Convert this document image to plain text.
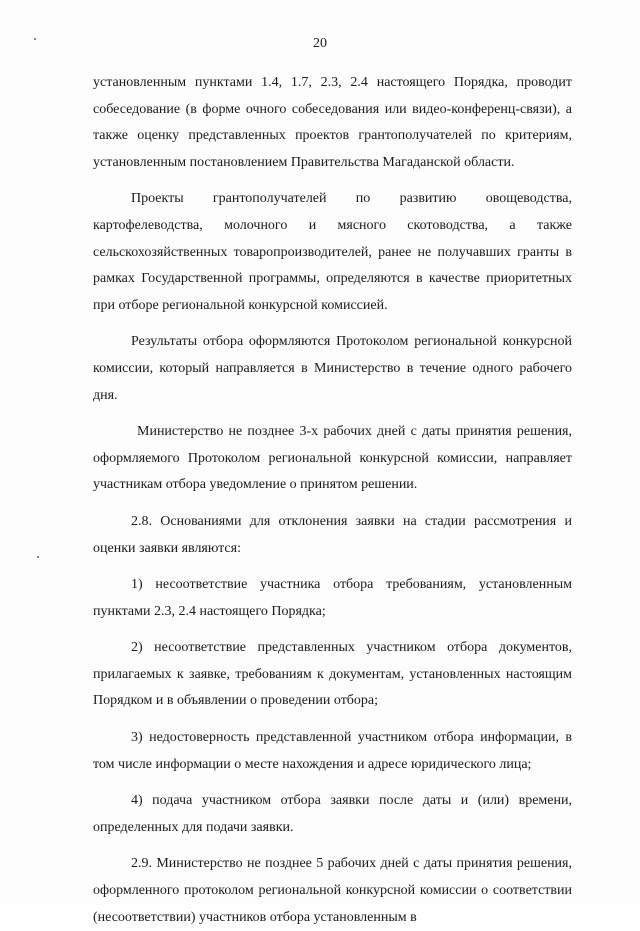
20

установленным пунктами 1.4, 1.7, 2.3, 2.4 настоящего Порядка, проводит собеседование (в форме очного собеседования или видео-конференц-связи), а также оценку представленных проектов грантополучателей по критериям, установленным постановлением Правительства Магаданской области.

Проекты грантополучателей по развитию овощеводства, картофелеводства, молочного и мясного скотоводства, а также сельскохозяйственных товаропроизводителей, ранее не получавших гранты в рамках Государственной программы, определяются в качестве приоритетных при отборе региональной конкурсной комиссией.

Результаты отбора оформляются Протоколом региональной конкурсной комиссии, который направляется в Министерство в течение одного рабочего дня.

Министерство не позднее 3-х рабочих дней с даты принятия решения, оформляемого Протоколом региональной конкурсной комиссии, направляет участникам отбора уведомление о принятом решении.

2.8. Основаниями для отклонения заявки на стадии рассмотрения и оценки заявки являются:

1) несоответствие участника отбора требованиям, установленным пунктами 2.3, 2.4 настоящего Порядка;

2) несоответствие представленных участником отбора документов, прилагаемых к заявке, требованиям к документам, установленных настоящим Порядком и в объявлении о проведении отбора;

3) недостоверность представленной участником отбора информации, в том числе информации о месте нахождения и адресе юридического лица;

4) подача участником отбора заявки после даты и (или) времени, определенных для подачи заявки.

2.9. Министерство не позднее 5 рабочих дней с даты принятия решения, оформленного протоколом региональной конкурсной комиссии о соответствии (несоответствии) участников отбора установленным в
